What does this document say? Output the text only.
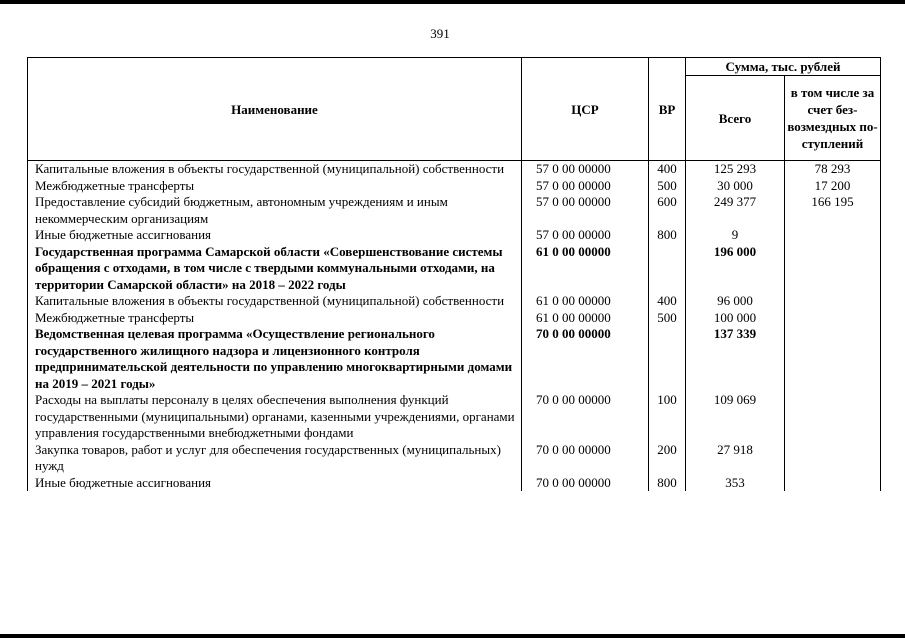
391
Наименование	ЦСР	ВР	Сумма, тыс. рублей	
			Всего	в том числе за счет без-возмездных по-ступлений
Капитальные вложения в объекты государственной (муниципальной) собственности	57 0 00 00000	400	125 293	78 293
Межбюджетные трансферты	57 0 00 00000	500	30 000	17 200
Предоставление субсидий бюджетным, автономным учреждениям и иным некоммерческим организациям	57 0 00 00000	600	249 377	166 195
Иные бюджетные ассигнования	57 0 00 00000	800	9	
Государственная программа Самарской области «Совершенствование системы обращения с отходами, в том числе с твердыми коммунальными отходами, на территории Самарской области» на 2018 – 2022 годы	61 0 00 00000		196 000	
Капитальные вложения в объекты государственной (муниципальной) собственности	61 0 00 00000	400	96 000	
Межбюджетные трансферты	61 0 00 00000	500	100 000	
Ведомственная целевая программа «Осуществление регионального государственного жилищного надзора и лицензионного контроля предпринимательской деятельности по управлению многоквартирными домами на 2019 – 2021 годы»	70 0 00 00000		137 339	
Расходы на выплаты персоналу в целях обеспечения выполнения функций государственными (муниципальными) органами, казенными учреждениями, органами управления государственными внебюджетными фондами	70 0 00 00000	100	109 069	
Закупка товаров, работ и услуг для обеспечения государственных (муниципальных) нужд	70 0 00 00000	200	27 918	
Иные бюджетные ассигнования	70 0 00 00000	800	353	
